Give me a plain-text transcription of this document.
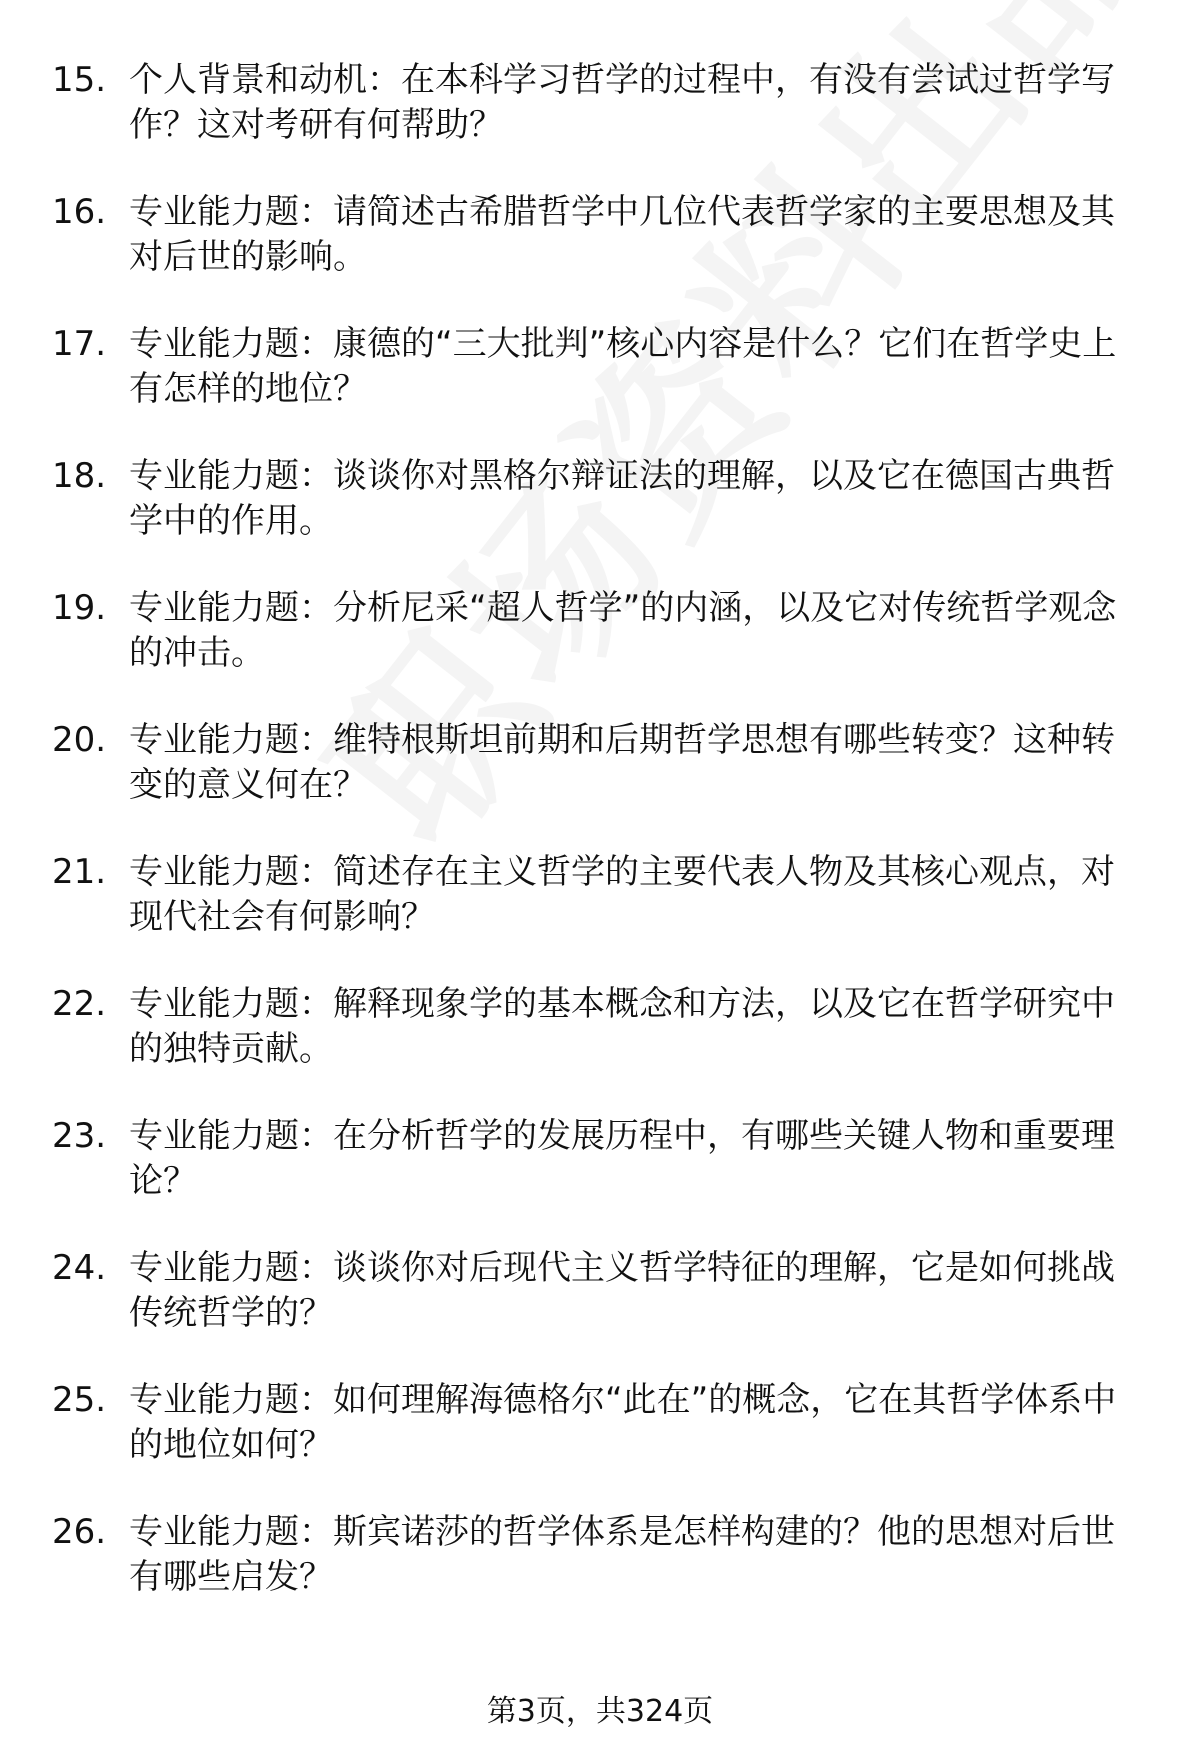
15. 个人背景和动机：在本科学习哲学的过程中，有没有尝试过哲学写作？这对考研有何帮助？
16. 专业能力题：请简述古希腊哲学中几位代表哲学家的主要思想及其对后世的影响。
17. 专业能力题：康德的“三大批判”核心内容是什么？它们在哲学史上有怎样的地位？
18. 专业能力题：谈谈你对黑格尔辩证法的理解，以及它在德国古典哲学中的作用。
19. 专业能力题：分析尼采“超人哲学”的内涵，以及它对传统哲学观念的冲击。
20. 专业能力题：维特根斯坦前期和后期哲学思想有哪些转变？这种转变的意义何在？
21. 专业能力题：简述存在主义哲学的主要代表人物及其核心观点，对现代社会有何影响？
22. 专业能力题：解释现象学的基本概念和方法，以及它在哲学研究中的独特贡献。
23. 专业能力题：在分析哲学的发展历程中，有哪些关键人物和重要理论？
24. 专业能力题：谈谈你对后现代主义哲学特征的理解，它是如何挑战传统哲学的？
25. 专业能力题：如何理解海德格尔“此在”的概念，它在其哲学体系中的地位如何？
26. 专业能力题：斯宾诺莎的哲学体系是怎样构建的？他的思想对后世有哪些启发？
第3页，共324页
